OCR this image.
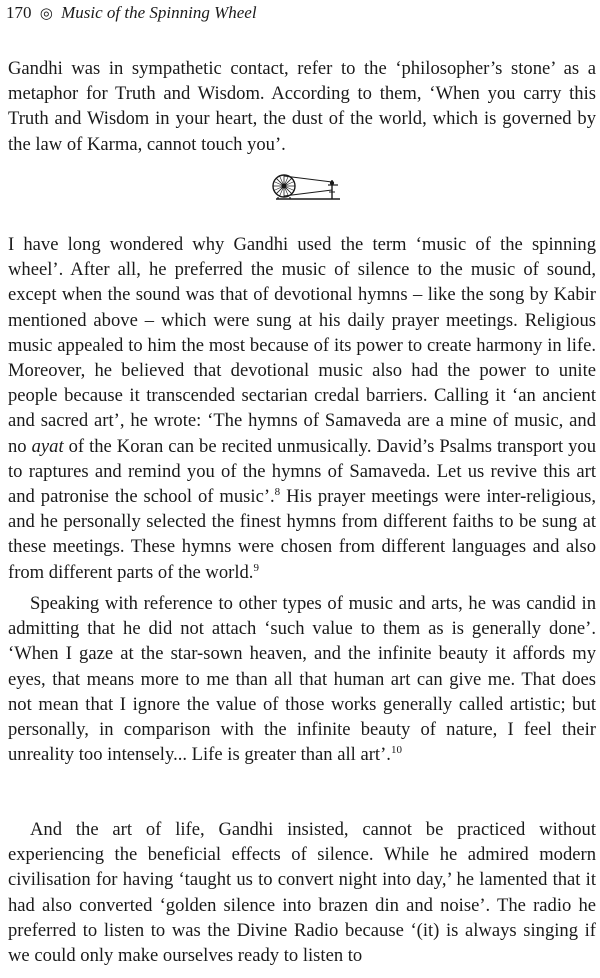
170 ◎ Music of the Spinning Wheel

Gandhi was in sympathetic contact, refer to the ‘philosopher’s stone’ as a metaphor for Truth and Wisdom. According to them, ‘When you carry this Truth and Wisdom in your heart, the dust of the world, which is governed by the law of Karma, cannot touch you’.

I have long wondered why Gandhi used the term ‘music of the spinning wheel’. After all, he preferred the music of silence to the music of sound, except when the sound was that of devotional hymns – like the song by Kabir mentioned above – which were sung at his daily prayer meetings. Religious music appealed to him the most because of its power to create harmony in life. Moreover, he believed that devotional music also had the power to unite people because it transcended sectarian credal barriers. Calling it ‘an ancient and sacred art’, he wrote: ‘The hymns of Samaveda are a mine of music, and no ayat of the Koran can be recited unmusically. David’s Psalms transport you to raptures and remind you of the hymns of Samaveda. Let us revive this art and patronise the school of music’.$^8$ His prayer meetings were inter-religious, and he personally selected the finest hymns from different faiths to be sung at these meetings. These hymns were chosen from different languages and also from different parts of the world.$^9$

Speaking with reference to other types of music and arts, he was candid in admitting that he did not attach ‘such value to them as is generally done’. ‘When I gaze at the star-sown heaven, and the infinite beauty it affords my eyes, that means more to me than all that human art can give me. That does not mean that I ignore the value of those works generally called artistic; but personally, in comparison with the infinite beauty of nature, I feel their unreality too intensely... Life is greater than all art’.$^{10}$

And the art of life, Gandhi insisted, cannot be practiced without experiencing the beneficial effects of silence. While he admired modern civilisation for having ‘taught us to convert night into day,’ he lamented that it had also converted ‘golden silence into brazen din and noise’. The radio he preferred to listen to was the Divine Radio because ‘(it) is always singing if we could only make ourselves ready to listen to
